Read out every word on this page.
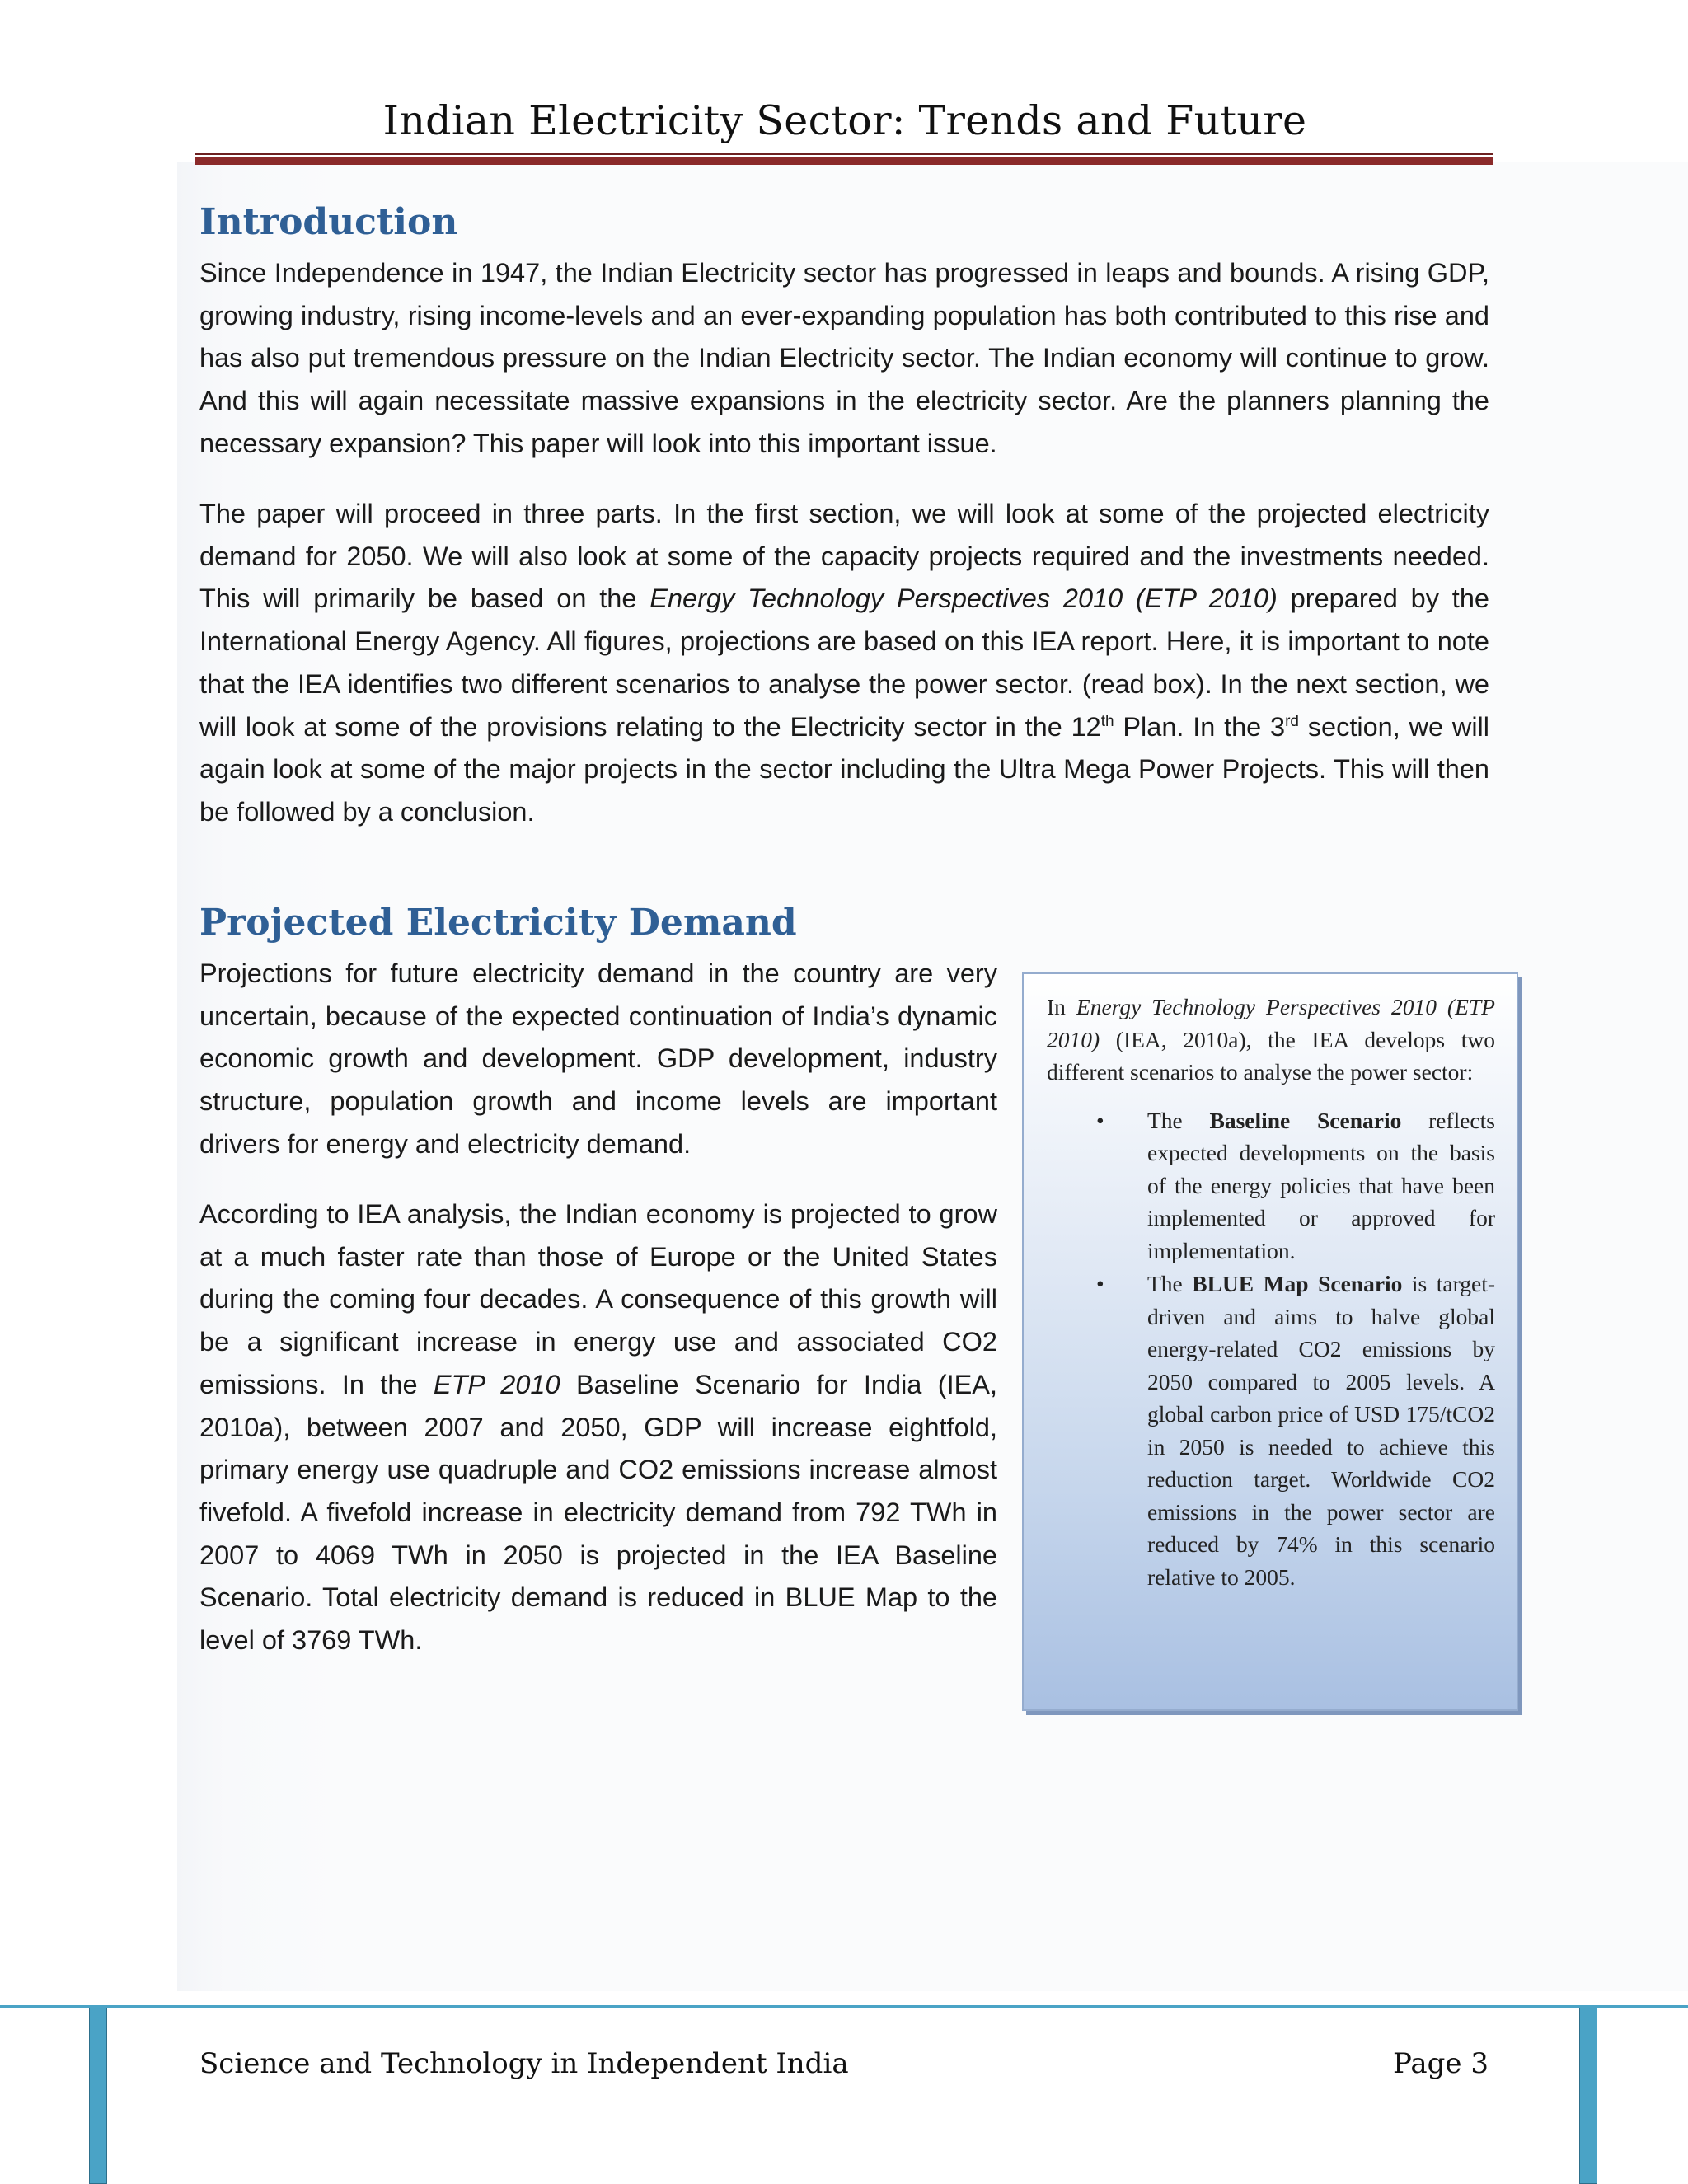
Indian Electricity Sector: Trends and Future
Introduction

Since Independence in 1947, the Indian Electricity sector has progressed in leaps and bounds. A rising GDP, growing industry, rising income-levels and an ever-expanding population has both contributed to this rise and has also put tremendous pressure on the Indian Electricity sector. The Indian economy will continue to grow. And this will again necessitate massive expansions in the electricity sector. Are the planners planning the necessary expansion? This paper will look into this important issue.

The paper will proceed in three parts. In the first section, we will look at some of the projected electricity demand for 2050. We will also look at some of the capacity projects required and the investments needed. This will primarily be based on the Energy Technology Perspectives 2010 (ETP 2010) prepared by the International Energy Agency. All figures, projections are based on this IEA report. Here, it is important to note that the IEA identifies two different scenarios to analyse the power sector. (read box). In the next section, we will look at some of the provisions relating to the Electricity sector in the 12th Plan. In the 3rd section, we will again look at some of the major projects in the sector including the Ultra Mega Power Projects. This will then be followed by a conclusion.

Projected Electricity Demand

Projections for future electricity demand in the country are very uncertain, because of the expected continuation of India’s dynamic economic growth and development. GDP development, industry structure, population growth and income levels are important drivers for energy and electricity demand.

According to IEA analysis, the Indian economy is projected to grow at a much faster rate than those of Europe or the United States during the coming four decades. A consequence of this growth will be a significant increase in energy use and associated CO2 emissions. In the ETP 2010 Baseline Scenario for India (IEA, 2010a), between 2007 and 2050, GDP will increase eightfold, primary energy use quadruple and CO2 emissions increase almost fivefold. A fivefold increase in electricity demand from 792 TWh in 2007 to 4069 TWh in 2050 is projected in the IEA Baseline Scenario. Total electricity demand is reduced in BLUE Map to the level of 3769 TWh.

In Energy Technology Perspectives 2010 (ETP 2010) (IEA, 2010a), the IEA develops two different scenarios to analyse the power sector:

• The Baseline Scenario reflects expected developments on the basis of the energy policies that have been implemented or approved for implementation.
• The BLUE Map Scenario is target-driven and aims to halve global energy-related CO2 emissions by 2050 compared to 2005 levels. A global carbon price of USD 175/tCO2 in 2050 is needed to achieve this reduction target. Worldwide CO2 emissions in the power sector are reduced by 74% in this scenario relative to 2005.
Science and Technology in Independent India	Page 3
